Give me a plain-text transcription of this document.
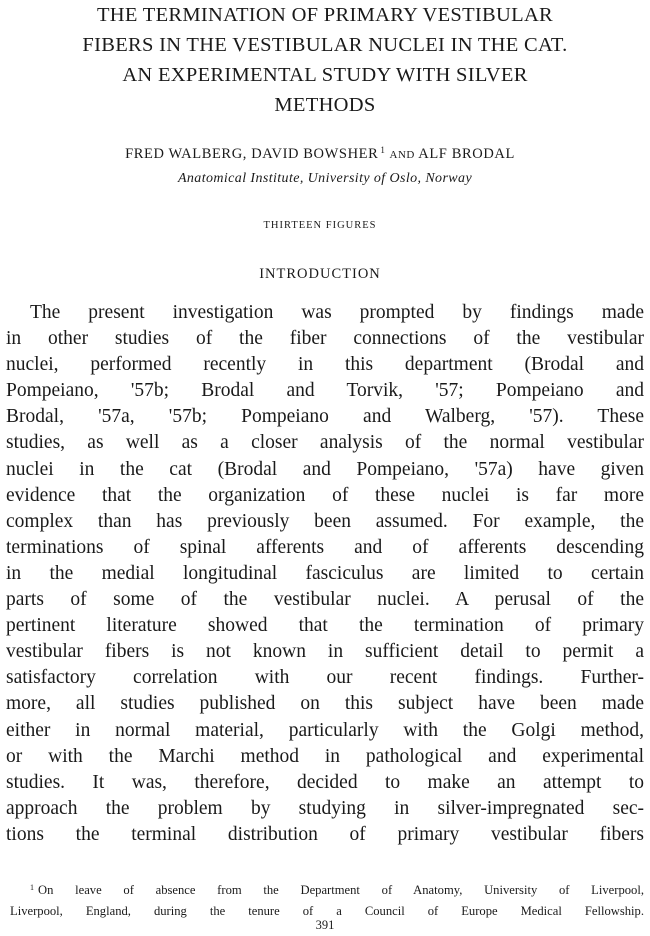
THE TERMINATION OF PRIMARY VESTIBULAR
FIBERS IN THE VESTIBULAR NUCLEI IN THE CAT.
AN EXPERIMENTAL STUDY WITH SILVER
METHODS
FRED WALBERG, DAVID BOWSHER $^1$ AND ALF BRODAL
Anatomical Institute, University of Oslo, Norway
THIRTEEN FIGURES
INTRODUCTION
The present investigation was prompted by findings made
in other studies of the fiber connections of the vestibular
nuclei, performed recently in this department (Brodal and
Pompeiano, '57b; Brodal and Torvik, '57; Pompeiano and
Brodal, '57a, '57b; Pompeiano and Walberg, '57). These
studies, as well as a closer analysis of the normal vestibular
nuclei in the cat (Brodal and Pompeiano, '57a) have given
evidence that the organization of these nuclei is far more
complex than has previously been assumed. For example, the
terminations of spinal afferents and of afferents descending
in the medial longitudinal fasciculus are limited to certain
parts of some of the vestibular nuclei. A perusal of the
pertinent literature showed that the termination of primary
vestibular fibers is not known in sufficient detail to permit a
satisfactory correlation with our recent findings. Further-
more, all studies published on this subject have been made
either in normal material, particularly with the Golgi method,
or with the Marchi method in pathological and experimental
studies. It was, therefore, decided to make an attempt to
approach the problem by studying in silver-impregnated sec-
tions the terminal distribution of primary vestibular fibers
$^1$ On leave of absence from the Department of Anatomy, University of Liverpool,
Liverpool, England, during the tenure of a Council of Europe Medical Fellowship.
391
